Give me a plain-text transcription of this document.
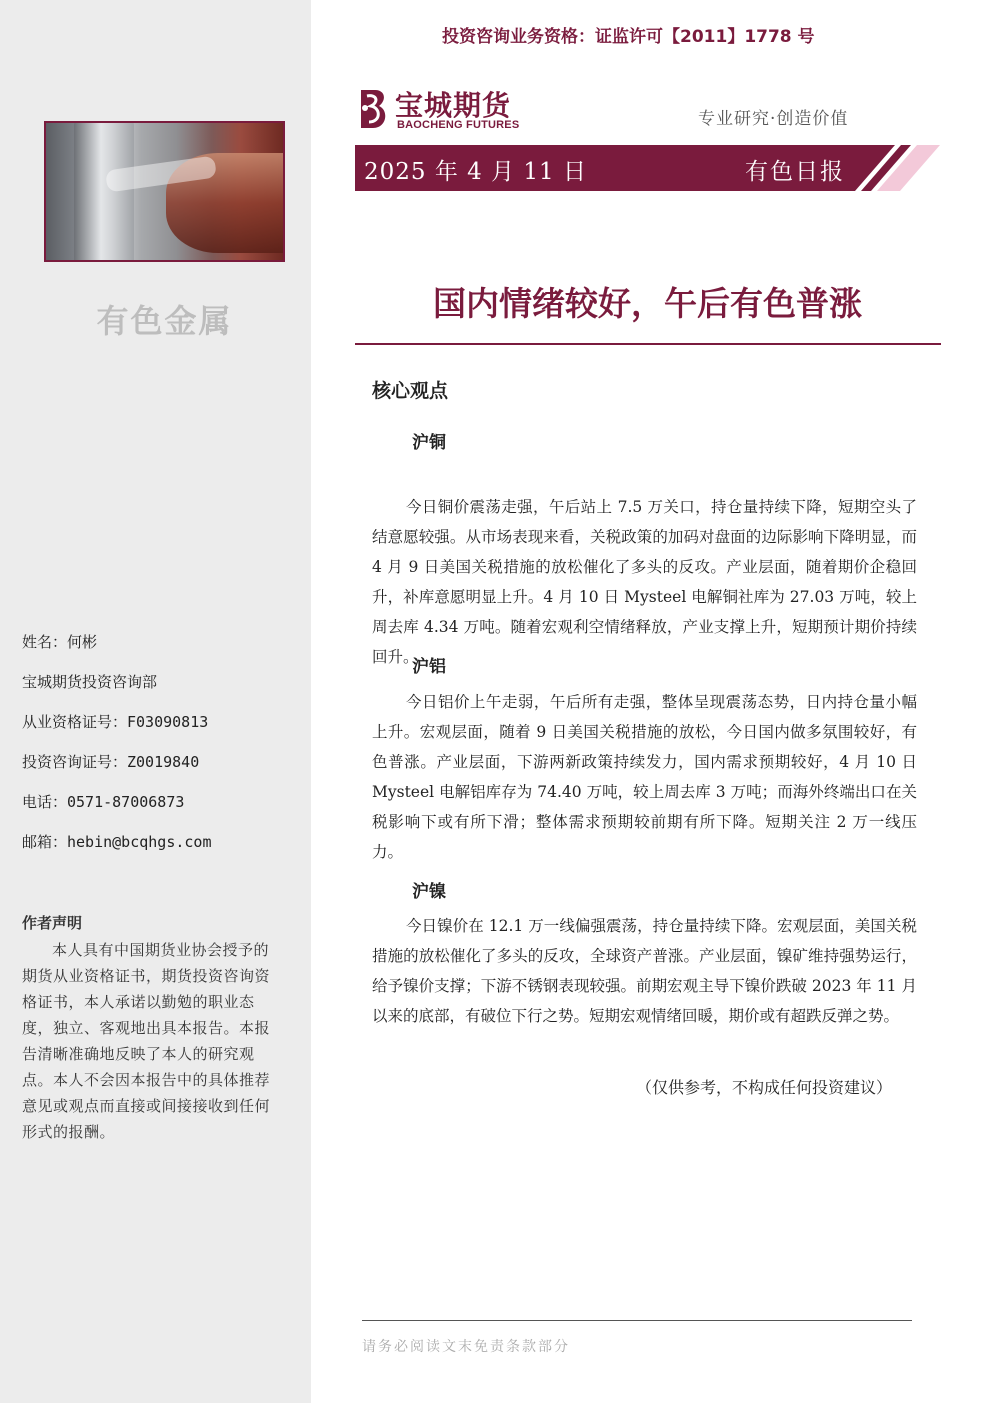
有色金属
姓名：何彬
宝城期货投资咨询部
从业资格证号：F03090813
投资咨询证号：Z0019840
电话：0571-87006873
邮箱：hebin@bcqhgs.com
作者声明
本人具有中国期货业协会授予的期货从业资格证书，期货投资咨询资格证书，本人承诺以勤勉的职业态度，独立、客观地出具本报告。本报告清晰准确地反映了本人的研究观点。本人不会因本报告中的具体推荐意见或观点而直接或间接接收到任何形式的报酬。
投资咨询业务资格：证监许可【2011】1778 号
宝城期货
BAOCHENG FUTURES	专业研究·创造价值
2025 年 4 月 11 日	有色日报
国内情绪较好，午后有色普涨
核心观点
沪铜
今日铜价震荡走强，午后站上 7.5 万关口，持仓量持续下降，短期空头了结意愿较强。从市场表现来看，关税政策的加码对盘面的边际影响下降明显，而 4 月 9 日美国关税措施的放松催化了多头的反攻。产业层面，随着期价企稳回升，补库意愿明显上升。4 月 10 日 Mysteel 电解铜社库为 27.03 万吨，较上周去库 4.34 万吨。随着宏观利空情绪释放，产业支撑上升，短期预计期价持续回升。
沪铝
今日铝价上午走弱，午后所有走强，整体呈现震荡态势，日内持仓量小幅上升。宏观层面，随着 9 日美国关税措施的放松，今日国内做多氛围较好，有色普涨。产业层面，下游两新政策持续发力，国内需求预期较好，4 月 10 日 Mysteel 电解铝库存为 74.40 万吨，较上周去库 3 万吨；而海外终端出口在关税影响下或有所下滑；整体需求预期较前期有所下降。短期关注 2 万一线压力。
沪镍
今日镍价在 12.1 万一线偏强震荡，持仓量持续下降。宏观层面，美国关税措施的放松催化了多头的反攻，全球资产普涨。产业层面，镍矿维持强势运行，给予镍价支撑；下游不锈钢表现较强。前期宏观主导下镍价跌破 2023 年 11 月以来的底部，有破位下行之势。短期宏观情绪回暖，期价或有超跌反弹之势。
（仅供参考，不构成任何投资建议）
请务必阅读文末免责条款部分
